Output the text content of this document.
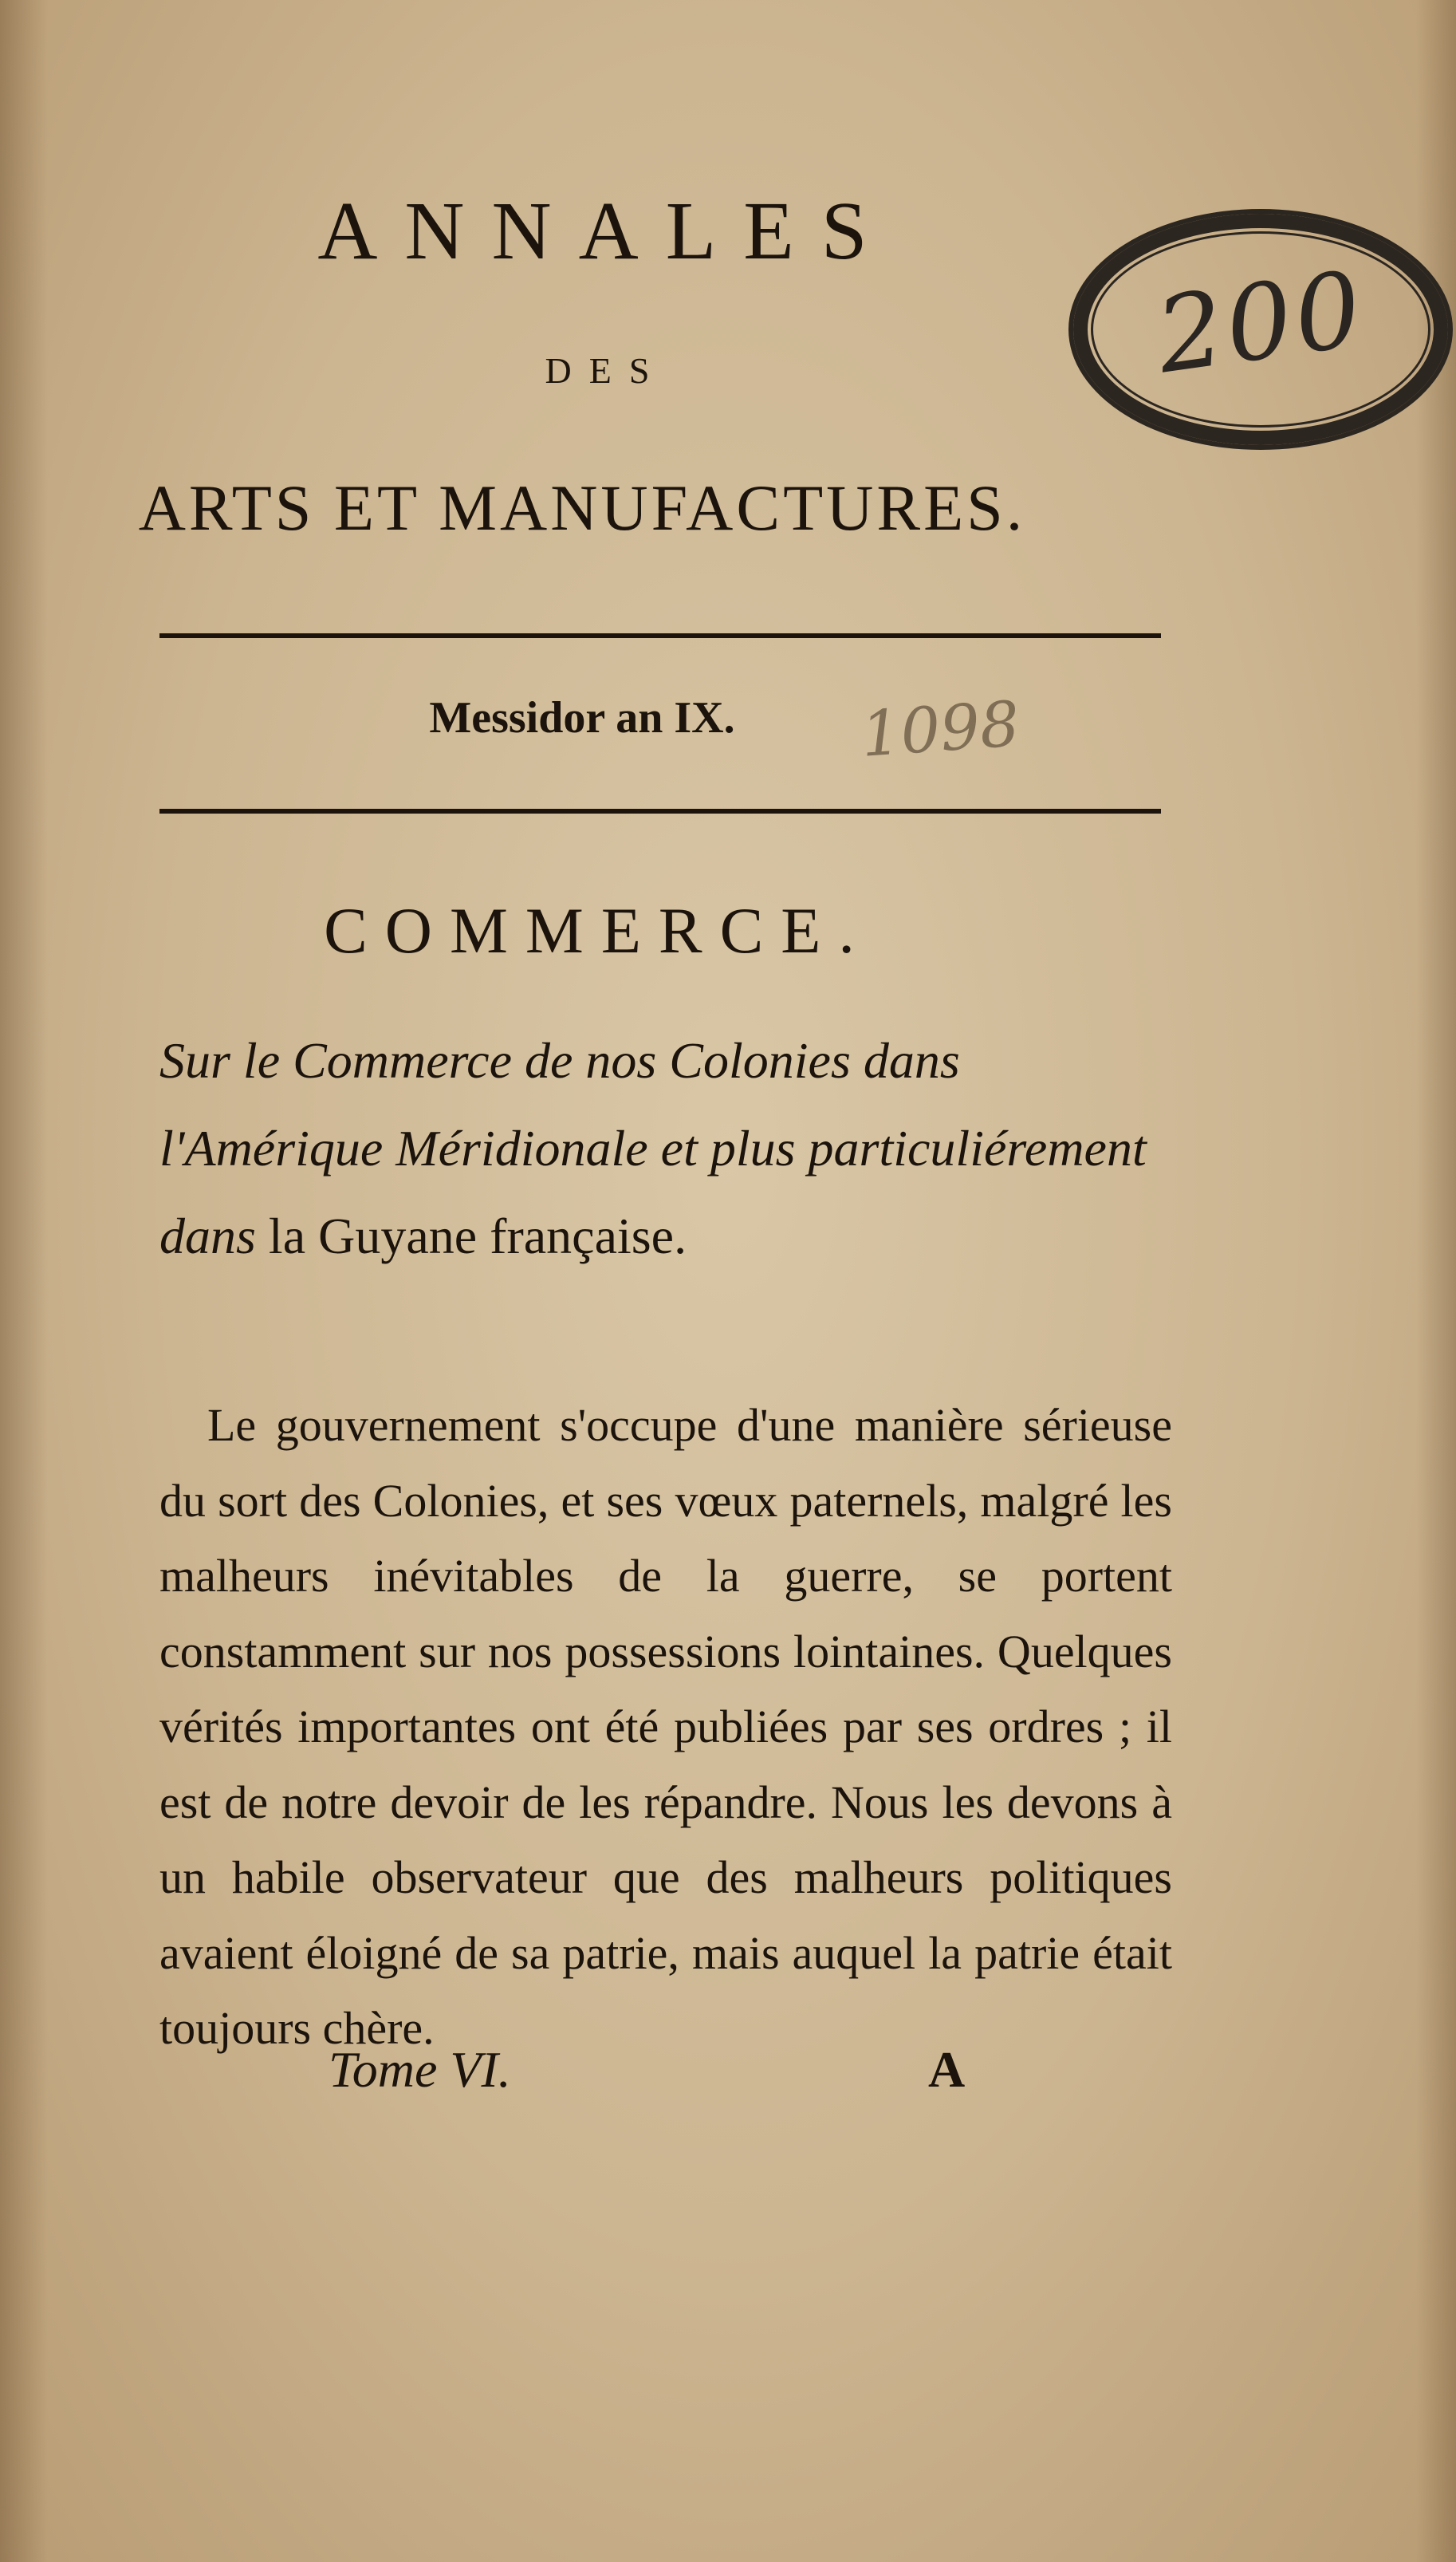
ANNALES
DES
ARTS ET MANUFACTURES.
200
Messidor an IX.	1098
COMMERCE.

Sur le Commerce de nos Colonies dans l'Amérique Méridionale et plus particuliérement dans la Guyane française.

Le gouvernement s'occupe d'une manière sérieuse du sort des Colonies, et ses vœux paternels, malgré les malheurs inévitables de la guerre, se portent constamment sur nos possessions lointaines. Quelques vérités importantes ont été publiées par ses ordres ; il est de notre devoir de les répandre. Nous les devons à un habile observateur que des malheurs politiques avaient éloigné de sa patrie, mais auquel la patrie était toujours chère.

Tome VI.	A
